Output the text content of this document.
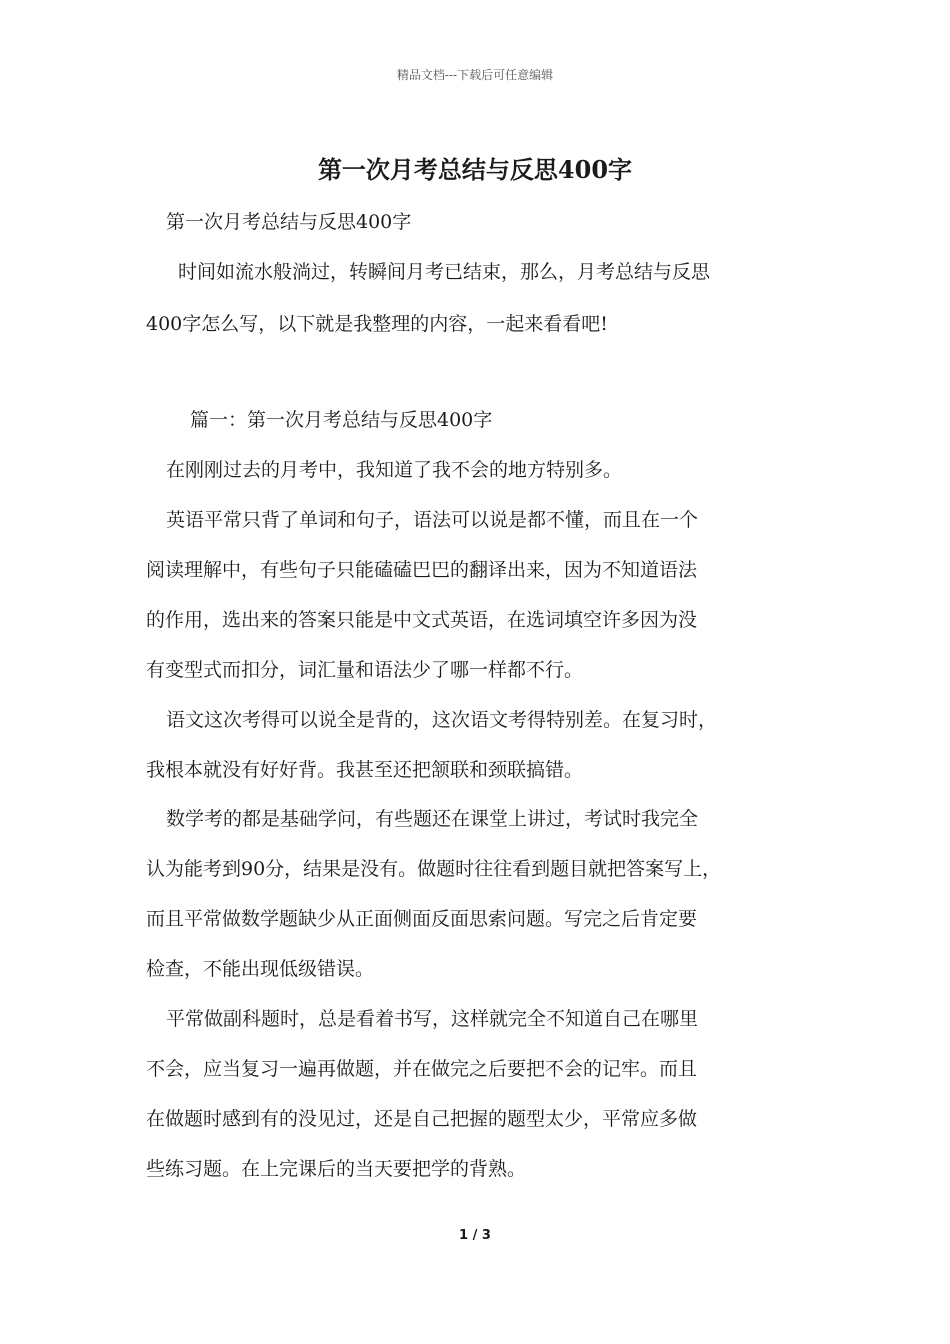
精品文档---下载后可任意编辑
第一次月考总结与反思400字

第一次月考总结与反思400字

时间如流水般淌过，转瞬间月考已结束，那么，月考总结与反思

400字怎么写，以下就是我整理的内容，一起来看看吧!

篇一：第一次月考总结与反思400字

在刚刚过去的月考中，我知道了我不会的地方特别多。

英语平常只背了单词和句子，语法可以说是都不懂，而且在一个

阅读理解中，有些句子只能磕磕巴巴的翻译出来，因为不知道语法

的作用，选出来的答案只能是中文式英语，在选词填空许多因为没

有变型式而扣分，词汇量和语法少了哪一样都不行。

语文这次考得可以说全是背的，这次语文考得特别差。在复习时，

我根本就没有好好背。我甚至还把颔联和颈联搞错。

数学考的都是基础学问，有些题还在课堂上讲过，考试时我完全

认为能考到90分，结果是没有。做题时往往看到题目就把答案写上，

而且平常做数学题缺少从正面侧面反面思索问题。写完之后肯定要

检查，不能出现低级错误。

平常做副科题时，总是看着书写，这样就完全不知道自己在哪里

不会，应当复习一遍再做题，并在做完之后要把不会的记牢。而且

在做题时感到有的没见过，还是自己把握的题型太少，平常应多做

些练习题。在上完课后的当天要把学的背熟。

1 / 3
